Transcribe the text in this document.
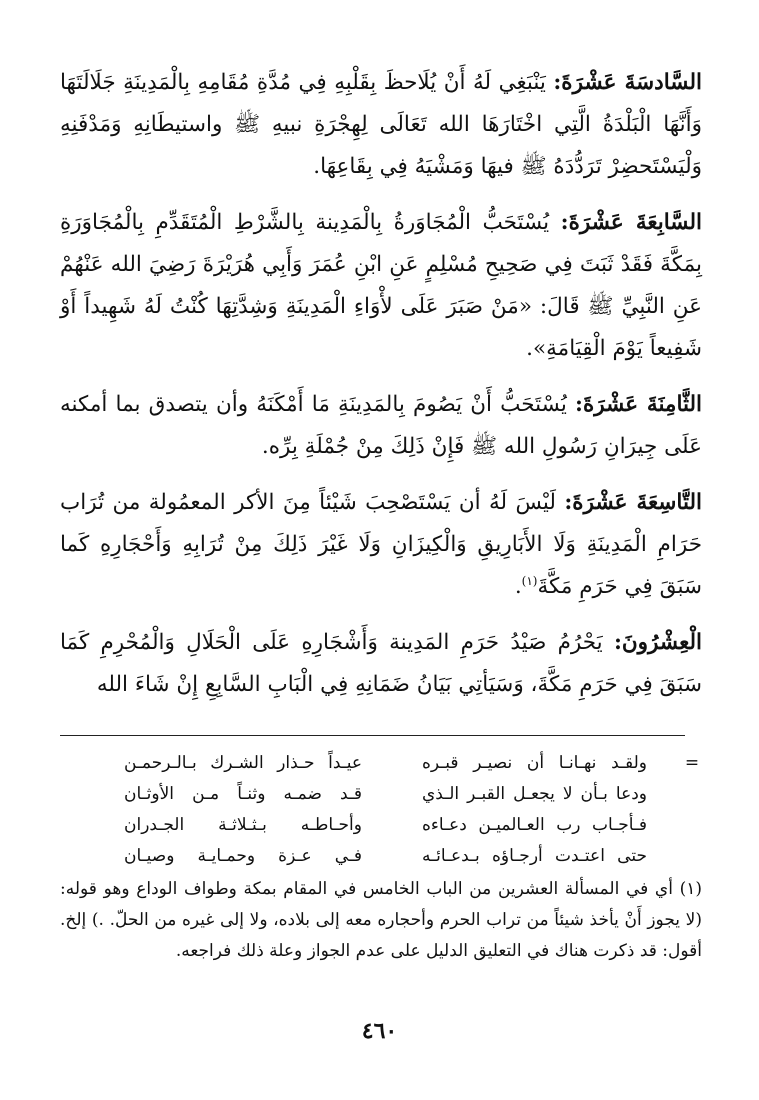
السَّادسَةَ عَشْرَةَ: يَنْبَغِي لَهُ أَنْ يُلَاحظَ بِقَلْبِهِ فِي مُدَّةِ مُقَامِهِ بِالْمَدِينَةِ جَلَالَتَهَا وَأَنَّهَا الْبَلْدَةُ الَّتِي اخْتَارَهَا الله تَعَالَى لِهِجْرَةِ نبيهِ ﷺ واستيطَانِهِ وَمَدْفَنِهِ وَلْيَسْتَحضِرْ تَرَدُّدَهُ ﷺ فيهَا وَمَشْيَهُ فِي بِقَاعِهَا.

السَّابِعَةَ عَشْرَةَ: يُسْتَحَبُّ الْمُجَاوَرةُ بِالْمَدِينة بِالشَّرْطِ الْمُتَقَدِّمِ بِالْمُجَاوَرَةِ بِمَكَّةَ فَقَدْ ثَبَتَ فِي صَحِيحِ مُسْلِمٍ عَنِ ابْنِ عُمَرَ وَأَبِي هُرَيْرَةَ رَضِيَ الله عَنْهُمْ عَنِ النَّبِيِّ ﷺ قَالَ: «مَنْ صَبَرَ عَلَى لأْوَاءِ الْمَدِينَةِ وَشِدَّتِهَا كُنْتُ لَهُ شَهِيداً أَوْ شَفِيعاً يَوْمَ الْقِيَامَةِ».

الثَّامِنَةَ عَشْرَةَ: يُسْتَحَبُّ أَنْ يَصُومَ بِالمَدِينَةِ مَا أَمْكَنَهُ وأن يتصدق بما أمكنه عَلَى جِيرَانِ رَسُولِ الله ﷺ فَإِنْ ذَلِكَ مِنْ جُمْلَةِ بِرِّه.

التَّاسِعَةَ عَشْرَةَ: لَيْسَ لَهُ أن يَسْتَصْحِبَ شَيْئاً مِنَ الأكر المعمُولة من تُرَاب حَرَامِ الْمَدِينَةِ وَلَا الأَبَارِيقِ وَالْكِيزَانِ وَلَا غَيْرَ ذَلِكَ مِنْ تُرَابِهِ وَأَحْجَارِهِ كَما سَبَقَ فِي حَرَمِ مَكَّةَ$^{(١)}$.

الْعِشْرُونَ: يَحْرُمُ صَيْدُ حَرَمِ المَدِينة وَأَشْجَارِهِ عَلَى الْحَلَالِ وَالْمُحْرِمِ كَمَا سَبَقَ فِي حَرَمِ مَكَّةَ، وَسَيَأتِي بَيَانُ ضَمَانِهِ فِي الْبَابِ السَّابِعِ إِنْ شَاءَ الله

=
ولقـد نهـانـا أن نصيـر قبـره
عيـداً حـذار الشـرك بـالـرحمـن
ودعا بـأن لا يجعـل القبـر الـذي
قـد ضمـه وثنـاً مـن الأوثـان
فـأجـاب رب العـالميـن دعـاءه
وأحـاطـه بـثـلاثـة الجـدران
حتى اعتـدت أرجـاؤه بـدعـائـه
فـي عـزة وحمـايـة وصيـان
(١) أي في المسألة العشرين من الباب الخامس في المقام بمكة وطواف الوداع وهو قوله: (لا يجوز أَنْ يأخذ شيئاً من تراب الحرم وأحجاره معه إلى بلاده، ولا إلى غيره من الحلّ. .) إلخ. أقول: قد ذكرت هناك في التعليق الدليل على عدم الجواز وعلة ذلك فراجعه.
٤٦٠
